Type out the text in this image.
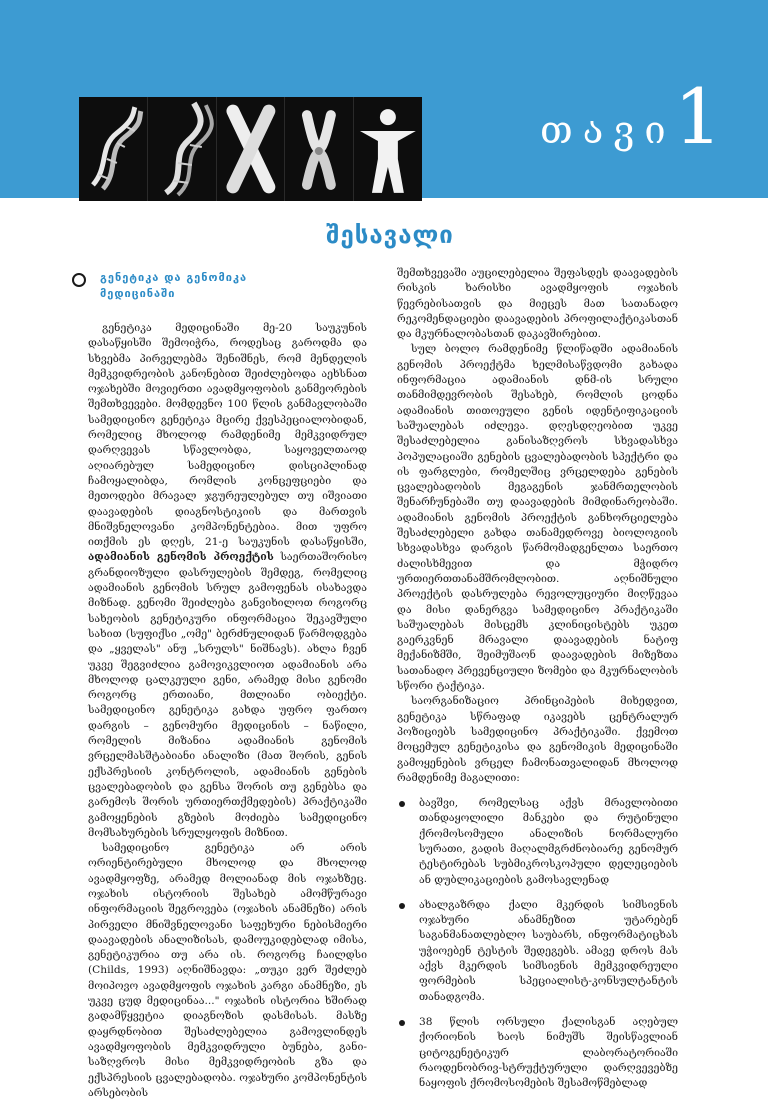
თავი
1
შესავალი
გენეტიკა და გენომიკა
მედიცინაში

გენეტიკა მედიცინაში მე-20 საუკუნის დასაწყისში შემოიჭრა, როდესაც გაროდმა და სხვებმა პირველებმა შენიშნეს, რომ მენდელის მემკვიდრეობის კანონებით შეიძლებოდა აეხსნათ ოჯახებში მოვიერთი ავადმყოფობის განმეორების შემთხვევები. მომდევნო 100 წლის განმავლობაში სამედიცინო გენეტიკა მცირე ქვესპეციალობიდან, რომელიც მხოლოდ რამდენიმე მემკვიდრულ დარღვევას სწავლობდა, საყოველთაოდ აღიარებულ სამედიცინო დისციპლინად ჩამოყალიბდა, რომლის კონცეფციები და მეთოდები მრავალ ჯგურეულებულ თუ იშვიათი დაავადების დიაგნოსტიკიის და მართვის მნიშვნელოვანი კომპონენტებია. მით უფრო ითქმის ეს დღეს, 21-ე საუკუნის დასაწყისში, ადამიანის გენომის პროექტის საერთაშორისო გრანდიოზული დასრულების შემდეგ, რომელიც ადამიანის გენომის სრულ გამოფენას ისახავდა მიზნად. გენომი შეიძლება განვიხილოთ როგორც სახეობის გენეტიკური ინფორმაცია შეკავშული სახით (სუფიქსი „ომე" ბერძნულიდან წარმოდგება და „ყველას" ანუ „სრულს" ნიშნავს). ახლა ჩვენ უკვე შეგვიძლია გამოვიკვლიოთ ადამიანის არა მხოლოდ ცალკეული გენი, არამედ მისი გენომი როგორც ერთიანი, მთლიანი ობიექტი. სამედიცინო გენეტიკა გახდა უფრო ფართო დარგის – გენომური მედიცინის – ნაწილი, რომელის მიზანია ადამიანის გენომის ვრცელმასშტაბიანი ანალიზი (მათ შორის, გენის ექსპრესიის კონტროლის, ადამიანის გენების ცვალებადობის და გენსა შორის თუ გენებსა და გარემოს შორის ურთიერთქმედების) პრაქტიკაში გამოყენების გზების მოძიება სამედიცინო მომსახურების სრულყოფის მიზნით.

სამედიცინო გენეტიკა არ არის ორიენტირებული მხოლოდ და მხოლოდ ავადმყოფზე, არამედ მოლიანად მის ოჯახზეც. ოჯახის ისტორიის შესახებ ამომწურავი ინფორმაციის შეგროვება (ოჯახის ანამნეზი) არის პირველი მნიშვნელოვანი საფეხური ნებისმიერი დაავადების ანალიზისას, დამოუკიდებლად იმისა, გენეტიკურია თუ არა ის. როგორც ჩაილდსი (Childs, 1993) აღნიშნავდა: „თუკი ვერ შეძლებ მოიპოვო ავადმყოფის ოჯახის კარგი ანამნეზი, ეს უკვე ცუდ მედიცინაა..." ოჯახის ისტორია ხშირად გადამწყვეტია დიაგნოზის დასმისას. მასზე დაყრდნობით შესაძლებელია გამოვლინდეს ავადმყოფობის მემკვიდრული ბუნება, განისაზღვროს მისი მემკვიდრეობის გზა და ექსპრესიის ცვალებადობა. ოჯახური კომპონენტის არსებობის

შემთხვევაში აუცილებელია შეფასდეს დაავადების რისკის ხარისხი ავადმყოფის ოჯახის წევრებისათვის და მიეცეს მათ სათანადო რეკომენდაციები დაავადების პროფილაქტიკასთან და მკურნალობასთან დაკავშირებით.

სულ ბოლო რამდენიმე წლიწადში ადამიანის გენომის პროექტმა ხელმისაწვდომი გახადა ინფორმაცია ადამიანის დნმ-ის სრული თანმიმდევრობის შესახებ, რომლის ცოდნა ადამიანის თითოეული გენის იდენტიფიკაციის საშუალებას იძლევა. დღესდღეობით უკვე შესაძლებელია განისაზღვროს სხვადასხვა პოპულაციაში გენების ცვალებადობის სპექტრი და ის ფარგლები, რომელშიც ვრცელდება გენების ცვალებადობის მეგაგენის ჯანმრთელობის შენარჩუნებაში თუ დაავადების მიმდინარეობაში. ადამიანის გენომის პროექტის განხორციელება შესაძლებელი გახდა თანამედროვე ბიოლოგიის სხვადასხვა დარგის წარმომადგენლთა საერთო ძალისხმევით და მჭიდრო ურთიერთთანამშრომლობით. აღნიშნული პროექტის დასრულება რევოლუციური მიღწევაა და მისი დანერგვა სამედიცინო პრაქტიკაში საშუალებას მისცემს კლინიცისტებს უკეთ გაერკვნენ მრავალი დაავადების ნატიფ მექანიზმში, შეიმუშაონ დაავადების მიზეზთა სათანადო პრევენციული ზომები და მკურნალობის სწორი ტაქტიკა.

საორგანიზაციო პრინციპების მიხედვით, გენეტიკა სწრაფად იკავებს ცენტრალურ პოზიციებს სამედიცინო პრაქტიკაში. ქვემოთ მოცემულ გენეტიკისა და გენომიკის მედიცინაში გამოყენების ვრცელ ჩამონათვალიდან მხოლოდ რამდენიმე მაგალითი:

ბავშვი, რომელსაც აქვს მრავლობითი თანდაყოლილი მანკები და რუტინული ქრომოსომული ანალიზის ნორმალური სურათი, გადის მაღალმგრძნობიარე გენომურ ტესტირებას სუბმიკროსკოპული დელეციების ან დუბლიკაციების გამოსავლენად
ახალგაზრდა ქალი მკერდის სიმსივნის ოჯახური ანამნეზით უტარებენ საგანმანათლებლო საუბარს, ინფორმატიცხას უჭიოებენ ტესტის შედეგებს. ამავე დროს მას აქვს მკერდის სიმსივნის მემკვიდრეული ფორმების სპეციალისტ-კონსულტანტის თანადგომა.
38 წლის ორსული ქალისგან აღებულ ქორიონის ხაოს ნიმუშს შეისწავლიან ციტოგენეტიკურ ლაბორატორიაში რაოდენობრივ-სტრუქტურული დარღვევებზე ნაყოფის ქრომოსომების შესამოწმებლად
